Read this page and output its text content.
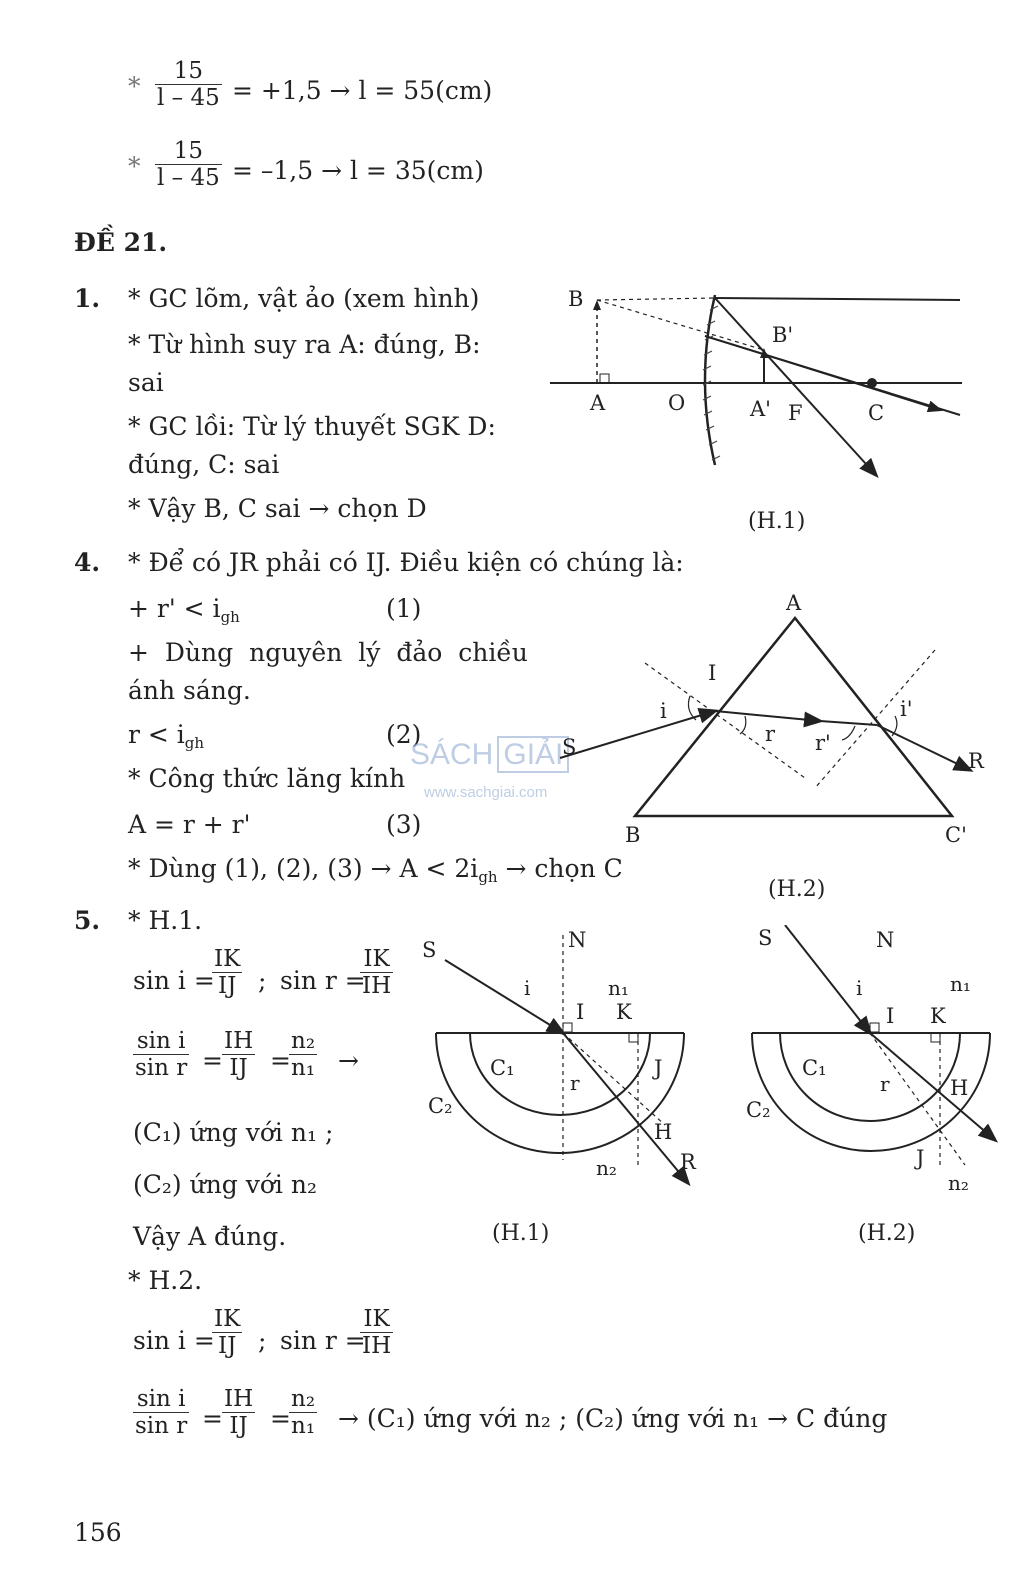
* $\frac{15}{l - 45} = +1,5 \to l = 55(cm)$
* $\frac{15}{l - 45} = -1,5 \to l = 35(cm)$
ĐỀ 21.
1. * GC lõm, vật ảo (xem hình)
* Từ hình suy ra A: đúng, B:
sai
* GC lồi: Từ lý thuyết SGK D:
đúng, C: sai
* Vậy B, C sai → chọn D
B
B'
A	O	A' F	C
(H.1)
4. * Để có JR phải có IJ. Điều kiện có chúng là:
+ $r' < i_{gh}$	(1)
+ Dùng nguyên lý đảo chiều
ánh sáng.
$r < i_{gh}$	(2)
* Công thức lăng kính
A = r + r'	(3)
* Dùng (1), (2), $(3) \to A < 2i_{gh}$ → chọn C
SÁCH GIẢI
www.sachgiai.com
A
B	C'
I
i
r r'
i'
S
R
(H.2)
5. * H.1.
sin i =
$\frac{IK}{IJ}$ ; sin r =
$\frac{IK}{IH}$
$\frac{\text{sin i}}{\text{sin r}} = \frac{IH}{IJ}$ =
$\frac{\text{n₂}}{\text{n₁}}$ →
(C₁) ứng với n₁ ;
(C₂) ứng với n₂
Vậy A đúng.
* H.2.
sin i =
$\frac{IK}{IJ}$ ; sin r =
$\frac{IK}{IH}$
$\frac{\text{sin i}}{\text{sin r}} = \frac{IH}{IJ}$ =
$\frac{\text{n₂}}{\text{n₁}} \to (C_1)$ ứng với n₂ ; (C₂) ứng với n₁ → C đúng
S	N
i	n₁
I K
C₁
r
J
C₂
H
n₂	R
(H.1)
S	N
i	n₁
I K
C₁
r	H
C₂
J
n₂
(H.2)
156
